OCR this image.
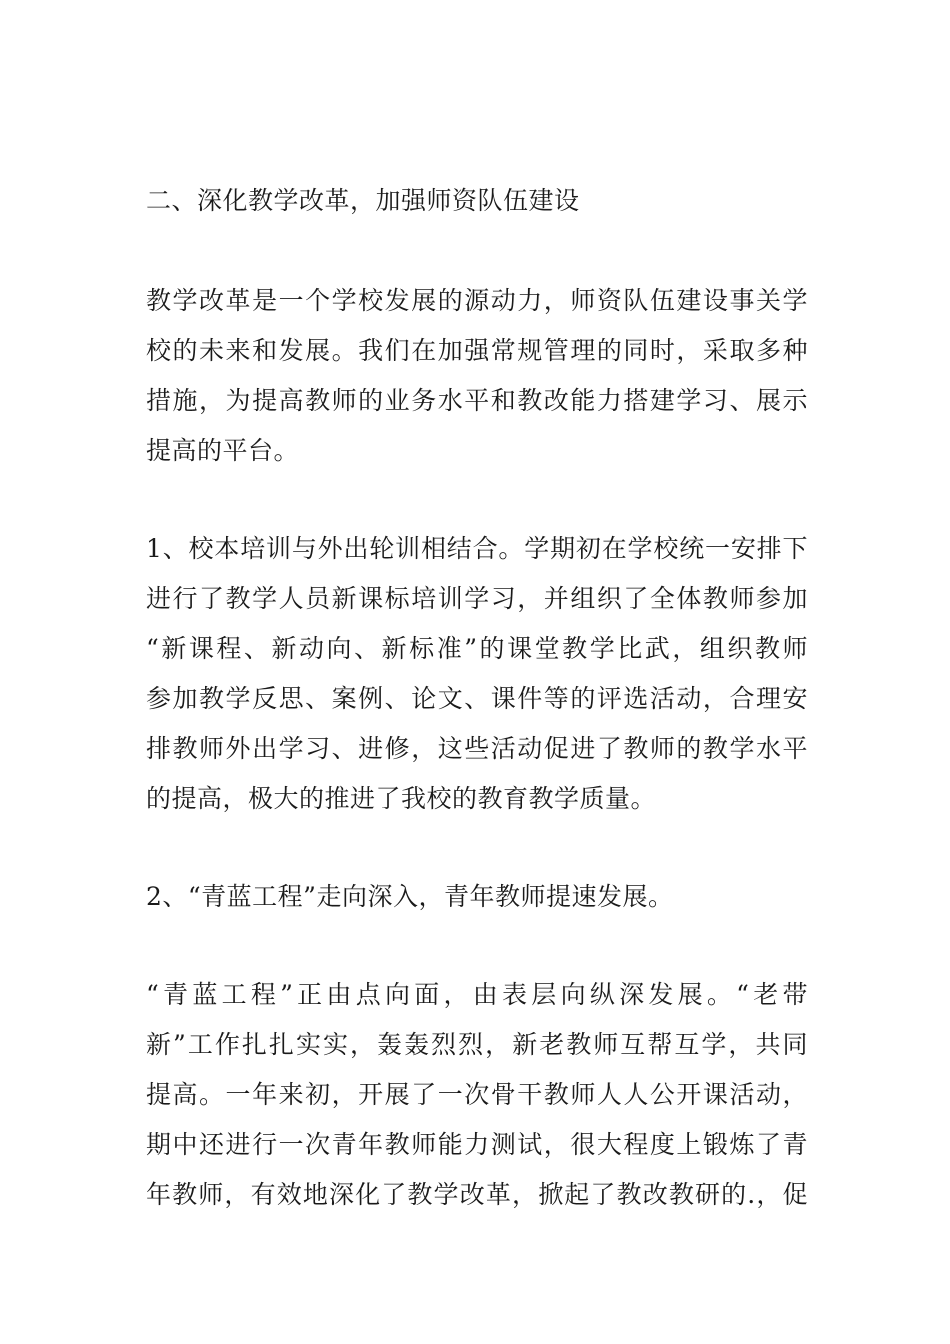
二、深化教学改革，加强师资队伍建设

教学改革是一个学校发展的源动力，师资队伍建设事关学
校的未来和发展。我们在加强常规管理的同时，采取多种
措施，为提高教师的业务水平和教改能力搭建学习、展示
提高的平台。

1、校本培训与外出轮训相结合。学期初在学校统一安排下
进行了教学人员新课标培训学习，并组织了全体教师参加
“新课程、新动向、新标准”的课堂教学比武，组织教师
参加教学反思、案例、论文、课件等的评选活动，合理安
排教师外出学习、进修，这些活动促进了教师的教学水平
的提高，极大的推进了我校的教育教学质量。

2、“青蓝工程”走向深入，青年教师提速发展。

“青蓝工程”正由点向面，由表层向纵深发展。“老带
新”工作扎扎实实，轰轰烈烈，新老教师互帮互学，共同
提高。一年来初，开展了一次骨干教师人人公开课活动，
期中还进行一次青年教师能力测试，很大程度上锻炼了青
年教师，有效地深化了教学改革，掀起了教改教研的.，促
